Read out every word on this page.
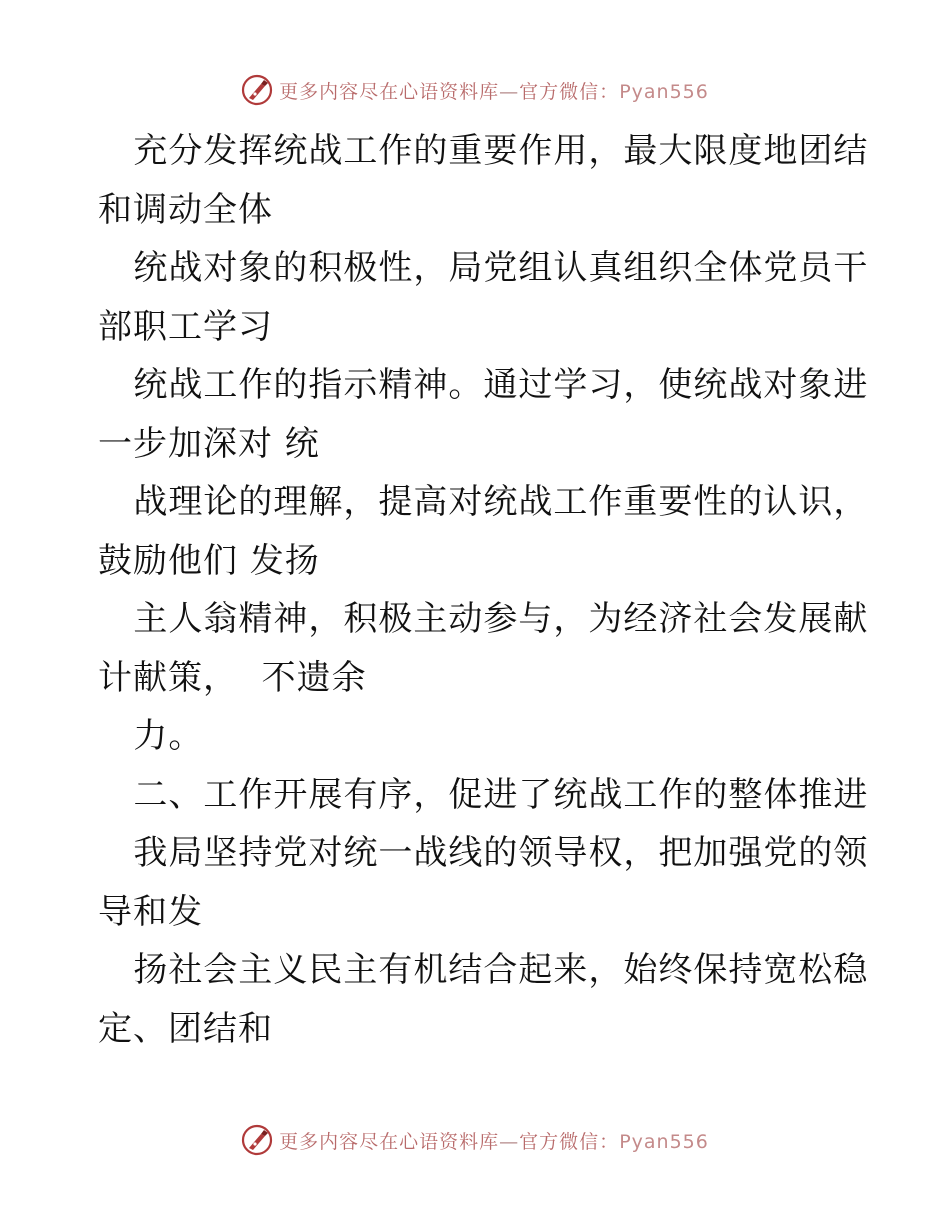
更多内容尽在心语资料库—官方微信：Pyan556
充分发挥统战工作的重要作用，最大限度地团结
和调动全体
统战对象的积极性，局党组认真组织全体党员干
部职工学习
统战工作的指示精神。通过学习，使统战对象进
一步加深对 统
战理论的理解，提高对统战工作重要性的认识，
鼓励他们 发扬
主人翁精神，积极主动参与，为经济社会发展献
计献策，  不遗余
力。
二、工作开展有序，促进了统战工作的整体推进
我局坚持党对统一战线的领导权，把加强党的领
导和发
扬社会主义民主有机结合起来，始终保持宽松稳
定、团结和
更多内容尽在心语资料库—官方微信：Pyan556
